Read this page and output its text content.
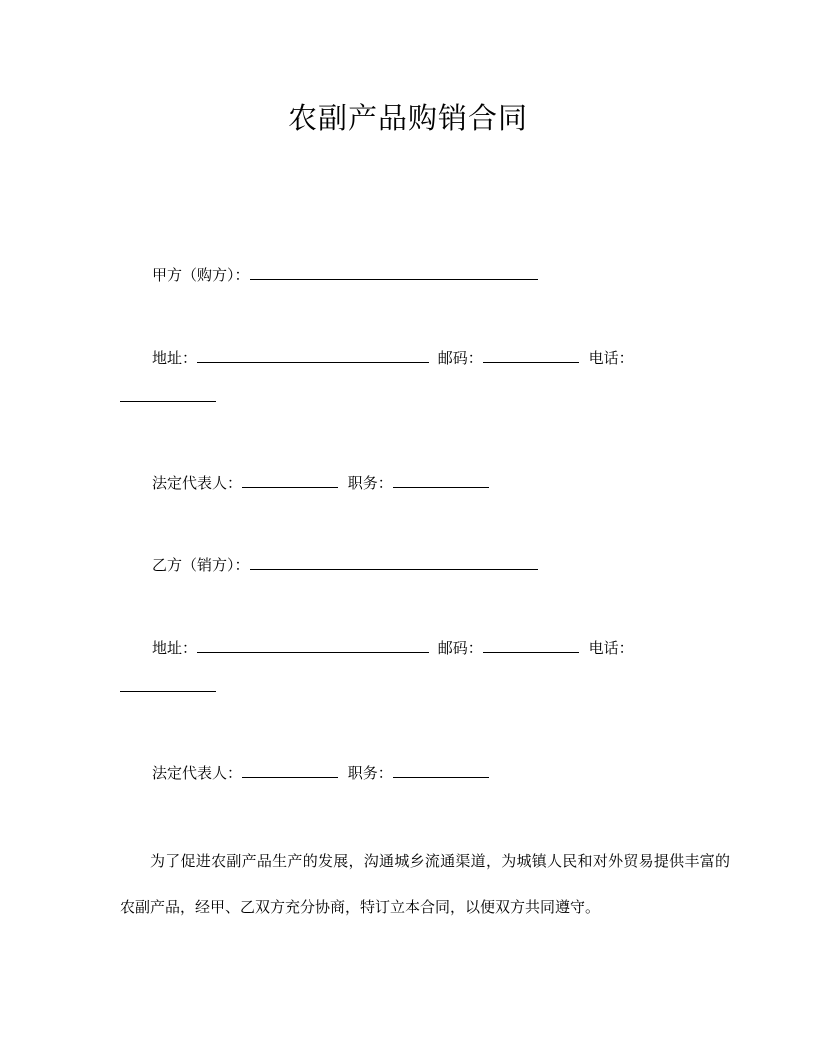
农副产品购销合同
甲方（购方）：
地址：	邮码：	电话：
法定代表人：	职务：
乙方（销方）：
地址：	邮码：	电话：
法定代表人：	职务：
为了促进农副产品生产的发展，沟通城乡流通渠道，为城镇人民和对外贸易提供丰富的农副产品，经甲、乙双方充分协商，特订立本合同，以便双方共同遵守。
